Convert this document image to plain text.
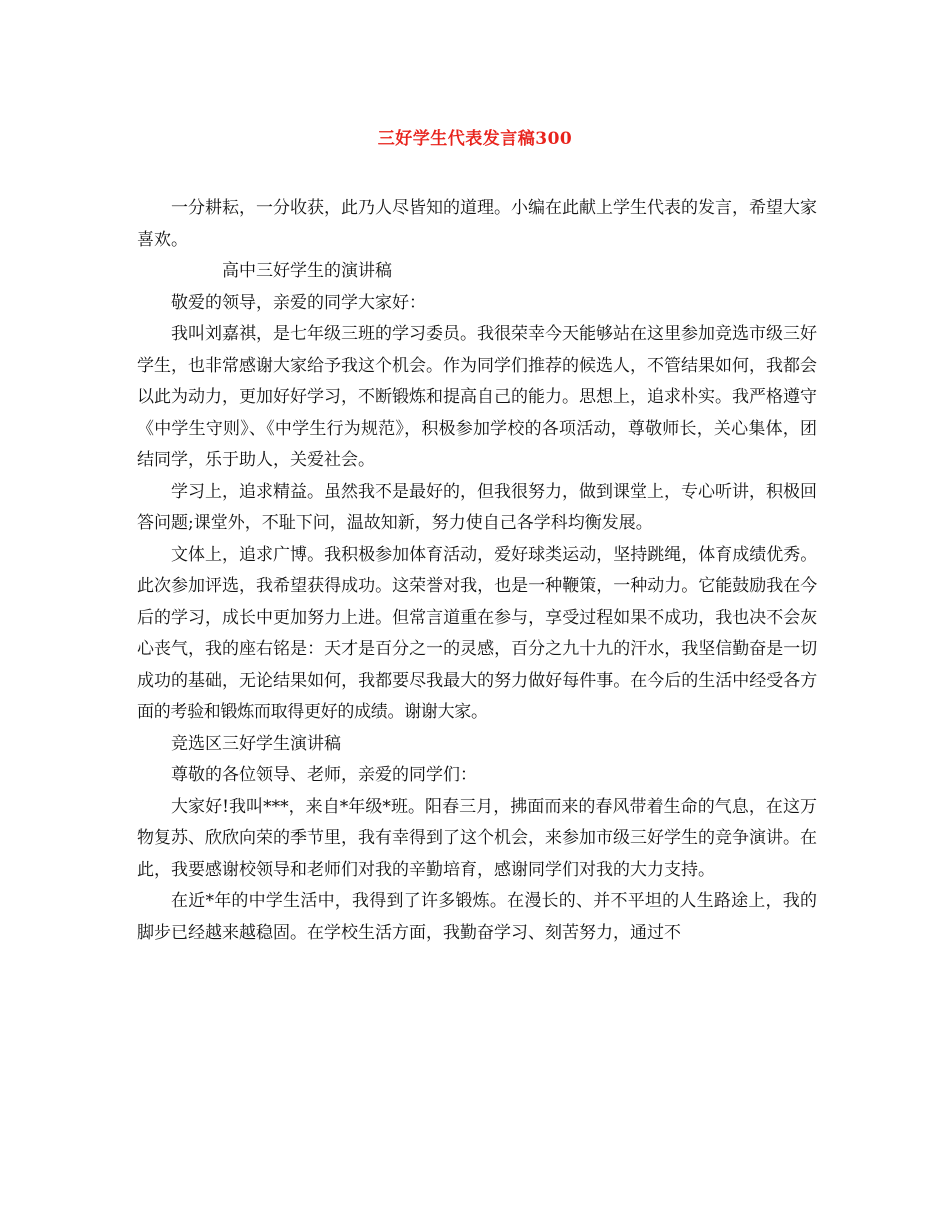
三好学生代表发言稿300

一分耕耘，一分收获，此乃人尽皆知的道理。小编在此献上学生代表的发言，希望大家喜欢。

高中三好学生的演讲稿

敬爱的领导，亲爱的同学大家好：

我叫刘嘉祺，是七年级三班的学习委员。我很荣幸今天能够站在这里参加竞选市级三好学生，也非常感谢大家给予我这个机会。作为同学们推荐的候选人，不管结果如何，我都会以此为动力，更加好好学习，不断锻炼和提高自己的能力。思想上，追求朴实。我严格遵守《中学生守则》、《中学生行为规范》，积极参加学校的各项活动，尊敬师长，关心集体，团结同学，乐于助人，关爱社会。

学习上，追求精益。虽然我不是最好的，但我很努力，做到课堂上，专心听讲，积极回答问题;课堂外，不耻下问，温故知新，努力使自己各学科均衡发展。

文体上，追求广博。我积极参加体育活动，爱好球类运动，坚持跳绳，体育成绩优秀。此次参加评选，我希望获得成功。这荣誉对我，也是一种鞭策，一种动力。它能鼓励我在今后的学习，成长中更加努力上进。但常言道重在参与，享受过程如果不成功，我也决不会灰心丧气，我的座右铭是：天才是百分之一的灵感，百分之九十九的汗水，我坚信勤奋是一切成功的基础，无论结果如何，我都要尽我最大的努力做好每件事。在今后的生活中经受各方面的考验和锻炼而取得更好的成绩。谢谢大家。

竞选区三好学生演讲稿

尊敬的各位领导、老师，亲爱的同学们：

大家好!我叫***，来自*年级*班。阳春三月，拂面而来的春风带着生命的气息，在这万物复苏、欣欣向荣的季节里，我有幸得到了这个机会，来参加市级三好学生的竞争演讲。在此，我要感谢校领导和老师们对我的辛勤培育，感谢同学们对我的大力支持。

在近*年的中学生活中，我得到了许多锻炼。在漫长的、并不平坦的人生路途上，我的脚步已经越来越稳固。在学校生活方面，我勤奋学习、刻苦努力，通过不
